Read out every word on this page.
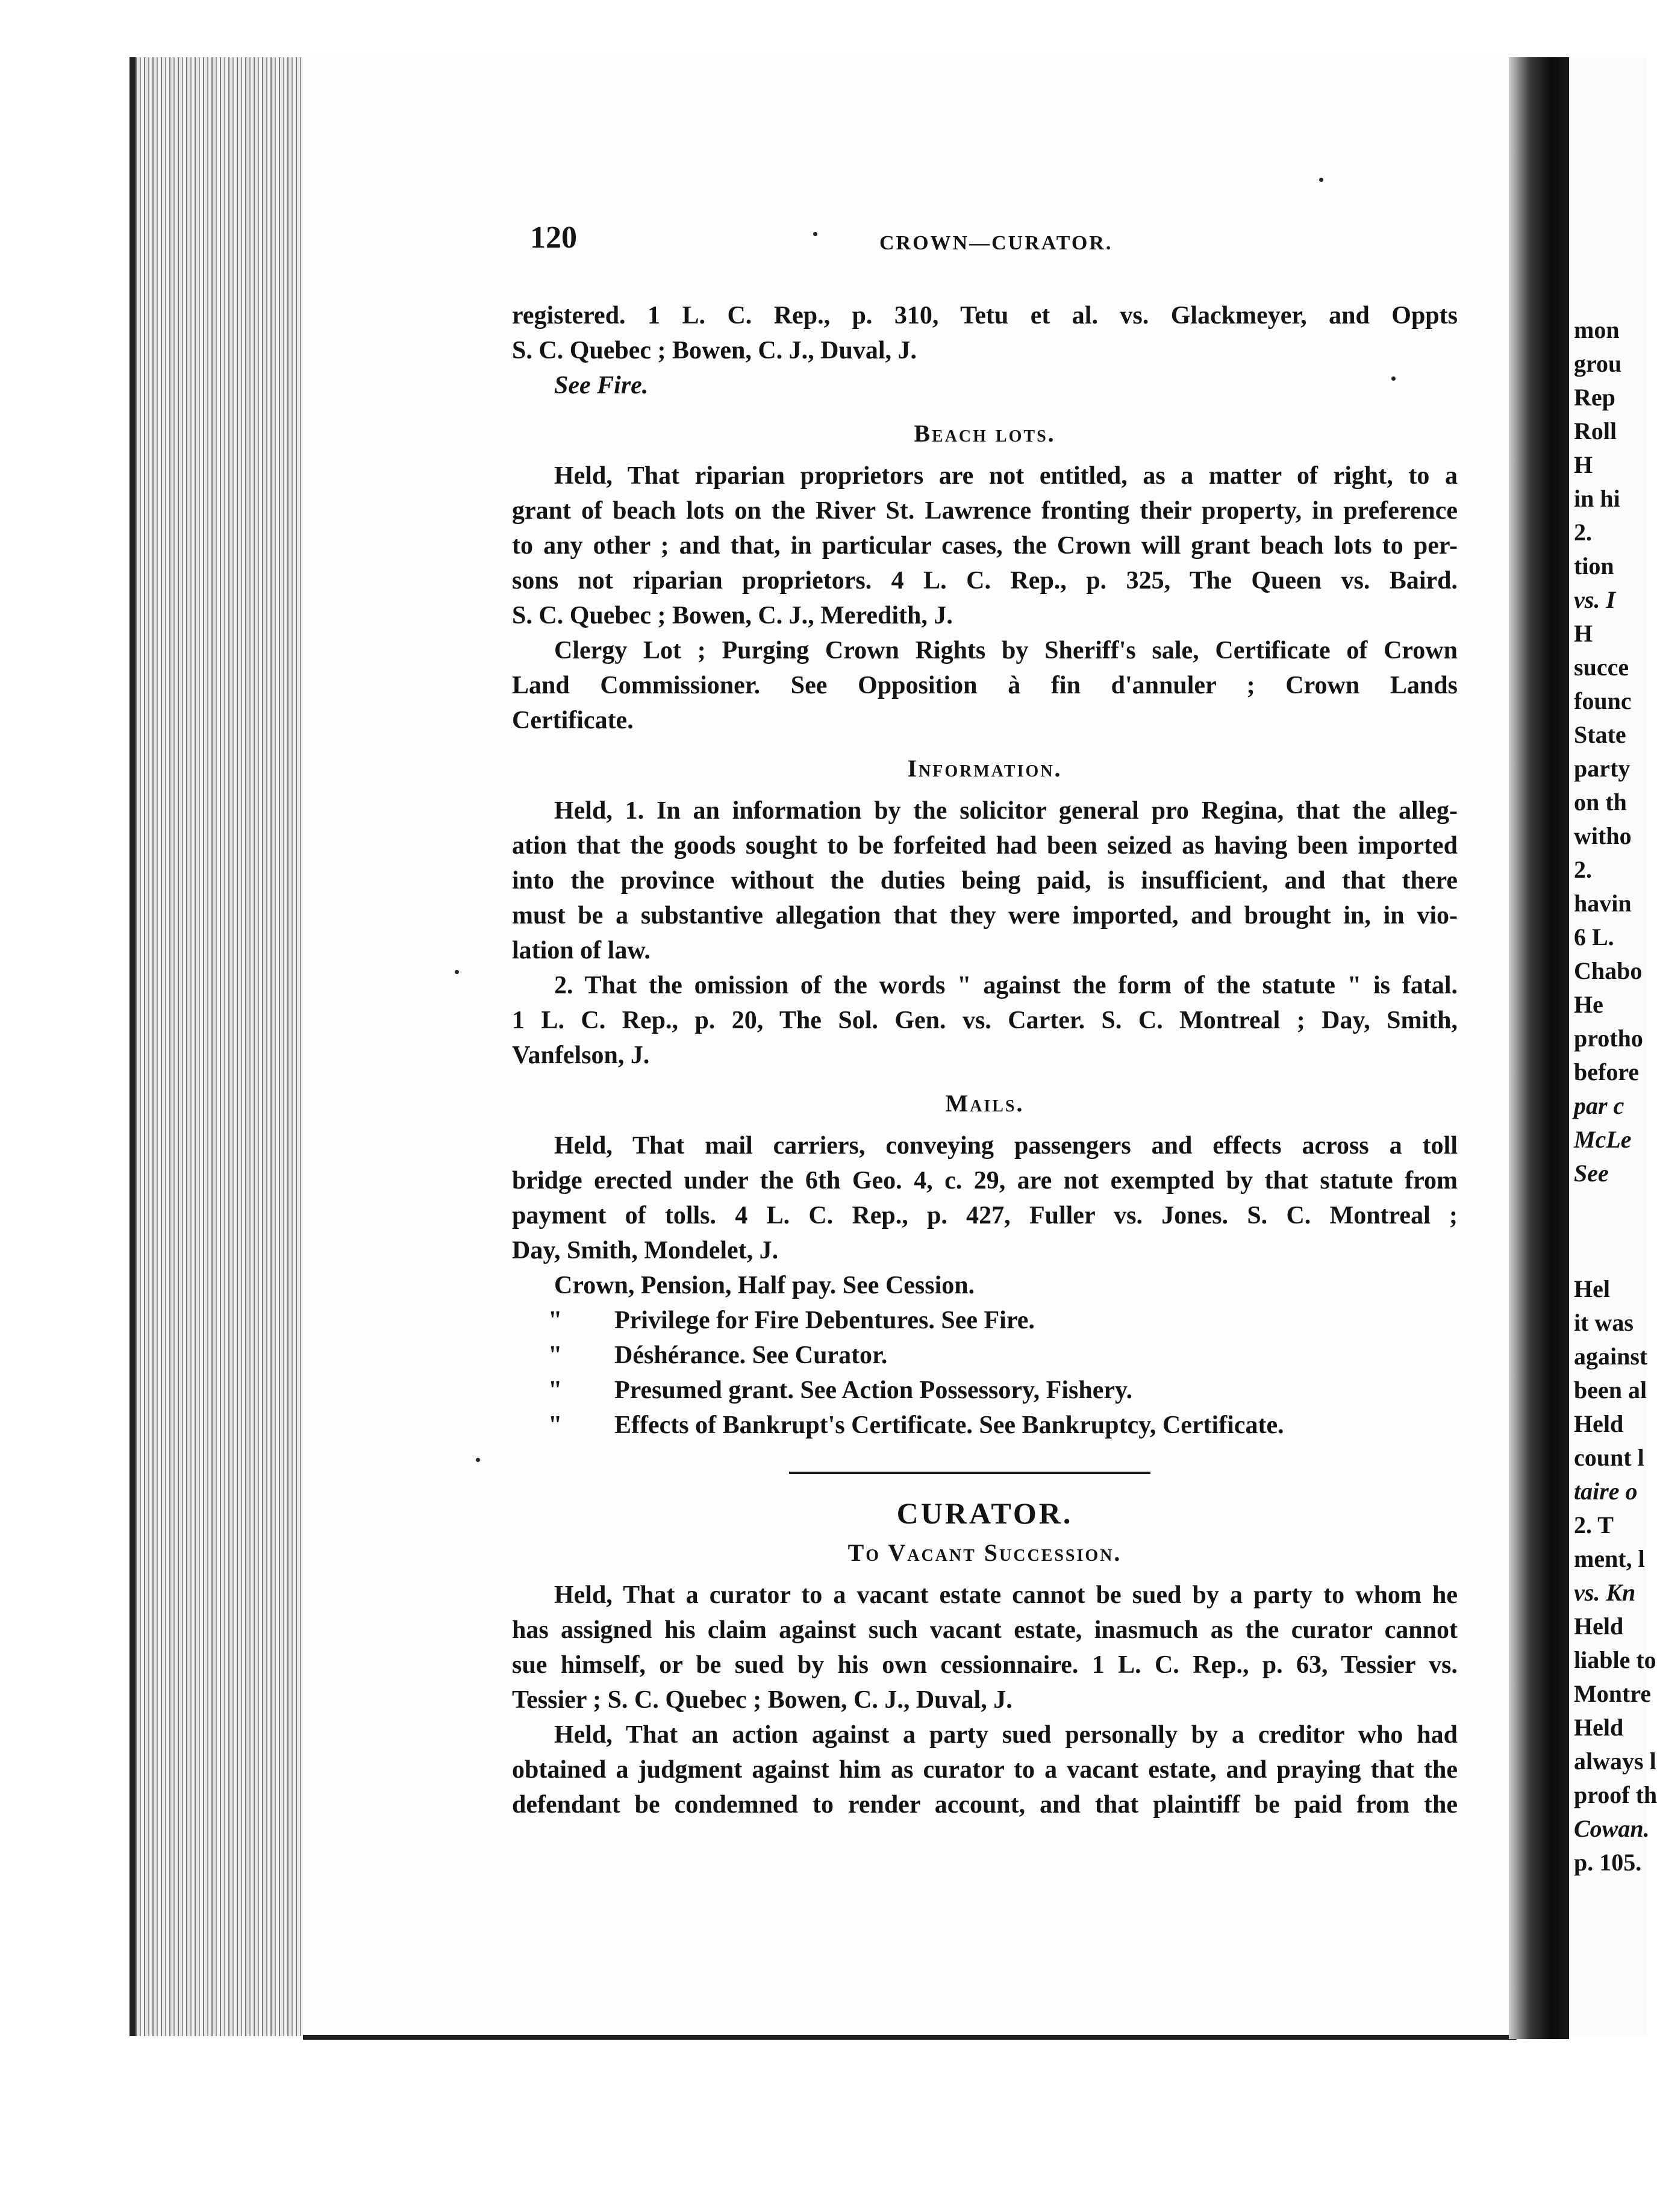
mon
grou
Rep
Roll
H
in hi
2.
tion
vs. I
H
succe
founc
State
party
on th
witho
2.
havin
6 L.
Chabo
He
protho
before
par c
McLe
See
Hel
it was
against
been al
Held
count l
taire o
2. T
ment, l
vs. Kn
Held
liable to
Montre
Held
always l
proof th
Cowan.
p. 105.
120	CROWN—CURATOR.
registered. 1 L. C. Rep., p. 310, Tetu et al. vs. Glackmeyer, and Oppts
S. C. Quebec ; Bowen, C. J., Duval, J.
See Fire.
Beach lots.
Held, That riparian proprietors are not entitled, as a matter of right, to a
grant of beach lots on the River St. Lawrence fronting their property, in preference
to any other ; and that, in particular cases, the Crown will grant beach lots to per-
sons not riparian proprietors. 4 L. C. Rep., p. 325, The Queen vs. Baird.
S. C. Quebec ; Bowen, C. J., Meredith, J.
Clergy Lot ; Purging Crown Rights by Sheriff's sale, Certificate of Crown
Land Commissioner. See Opposition à fin d'annuler ; Crown Lands
Certificate.
Information.
Held, 1. In an information by the solicitor general pro Regina, that the alleg-
ation that the goods sought to be forfeited had been seized as having been imported
into the province without the duties being paid, is insufficient, and that there
must be a substantive allegation that they were imported, and brought in, in vio-
lation of law.
2. That the omission of the words " against the form of the statute " is fatal.
1 L. C. Rep., p. 20, The Sol. Gen. vs. Carter. S. C. Montreal ; Day, Smith,
Vanfelson, J.
Mails.
Held, That mail carriers, conveying passengers and effects across a toll
bridge erected under the 6th Geo. 4, c. 29, are not exempted by that statute from
payment of tolls. 4 L. C. Rep., p. 427, Fuller vs. Jones. S. C. Montreal ;
Day, Smith, Mondelet, J.
Crown, Pension, Half pay. See Cession.
" Privilege for Fire Debentures. See Fire.
" Déshérance. See Curator.
" Presumed grant. See Action Possessory, Fishery.
" Effects of Bankrupt's Certificate. See Bankruptcy, Certificate.
CURATOR.
To Vacant Succession.
Held, That a curator to a vacant estate cannot be sued by a party to whom he
has assigned his claim against such vacant estate, inasmuch as the curator cannot
sue himself, or be sued by his own cessionnaire. 1 L. C. Rep., p. 63, Tessier vs.
Tessier ; S. C. Quebec ; Bowen, C. J., Duval, J.
Held, That an action against a party sued personally by a creditor who had
obtained a judgment against him as curator to a vacant estate, and praying that the
defendant be condemned to render account, and that plaintiff be paid from the
